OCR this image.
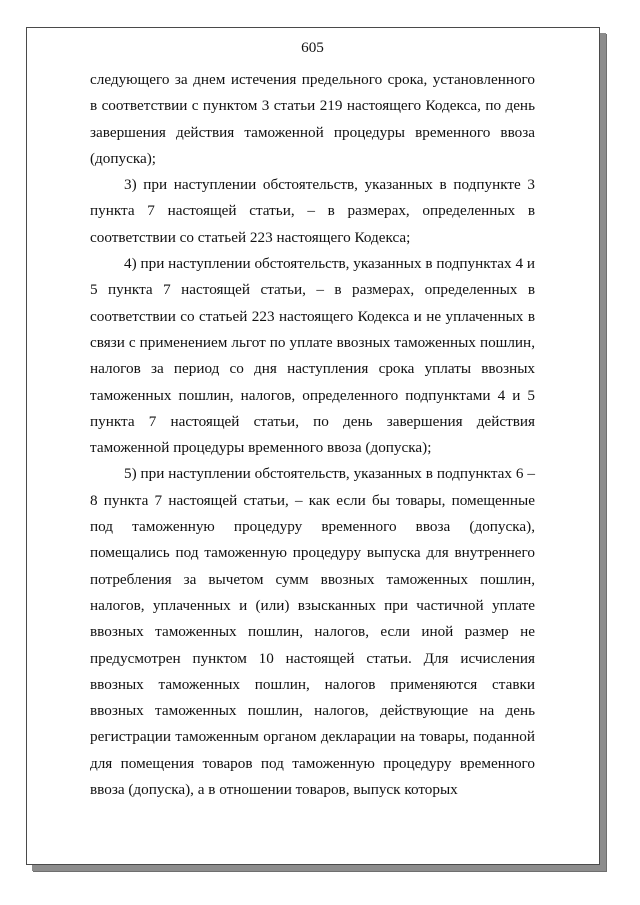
605

следующего за днем истечения предельного срока, установленного в соответствии с пунктом 3 статьи 219 настоящего Кодекса, по день завершения действия таможенной процедуры временного ввоза (допуска);

3) при наступлении обстоятельств, указанных в подпункте 3 пункта 7 настоящей статьи, – в размерах, определенных в соответствии со статьей 223 настоящего Кодекса;

4) при наступлении обстоятельств, указанных в подпунктах 4 и 5 пункта 7 настоящей статьи, – в размерах, определенных в соответствии со статьей 223 настоящего Кодекса и не уплаченных в связи с применением льгот по уплате ввозных таможенных пошлин, налогов за период со дня наступления срока уплаты ввозных таможенных пошлин, налогов, определенного подпунктами 4 и 5 пункта 7 настоящей статьи, по день завершения действия таможенной процедуры временного ввоза (допуска);

5) при наступлении обстоятельств, указанных в подпунктах 6 – 8 пункта 7 настоящей статьи, – как если бы товары, помещенные под таможенную процедуру временного ввоза (допуска), помещались под таможенную процедуру выпуска для внутреннего потребления за вычетом сумм ввозных таможенных пошлин, налогов, уплаченных и (или) взысканных при частичной уплате ввозных таможенных пошлин, налогов, если иной размер не предусмотрен пунктом 10 настоящей статьи. Для исчисления ввозных таможенных пошлин, налогов применяются ставки ввозных таможенных пошлин, налогов, действующие на день регистрации таможенным органом декларации на товары, поданной для помещения товаров под таможенную процедуру временного ввоза (допуска), а в отношении товаров, выпуск которых
